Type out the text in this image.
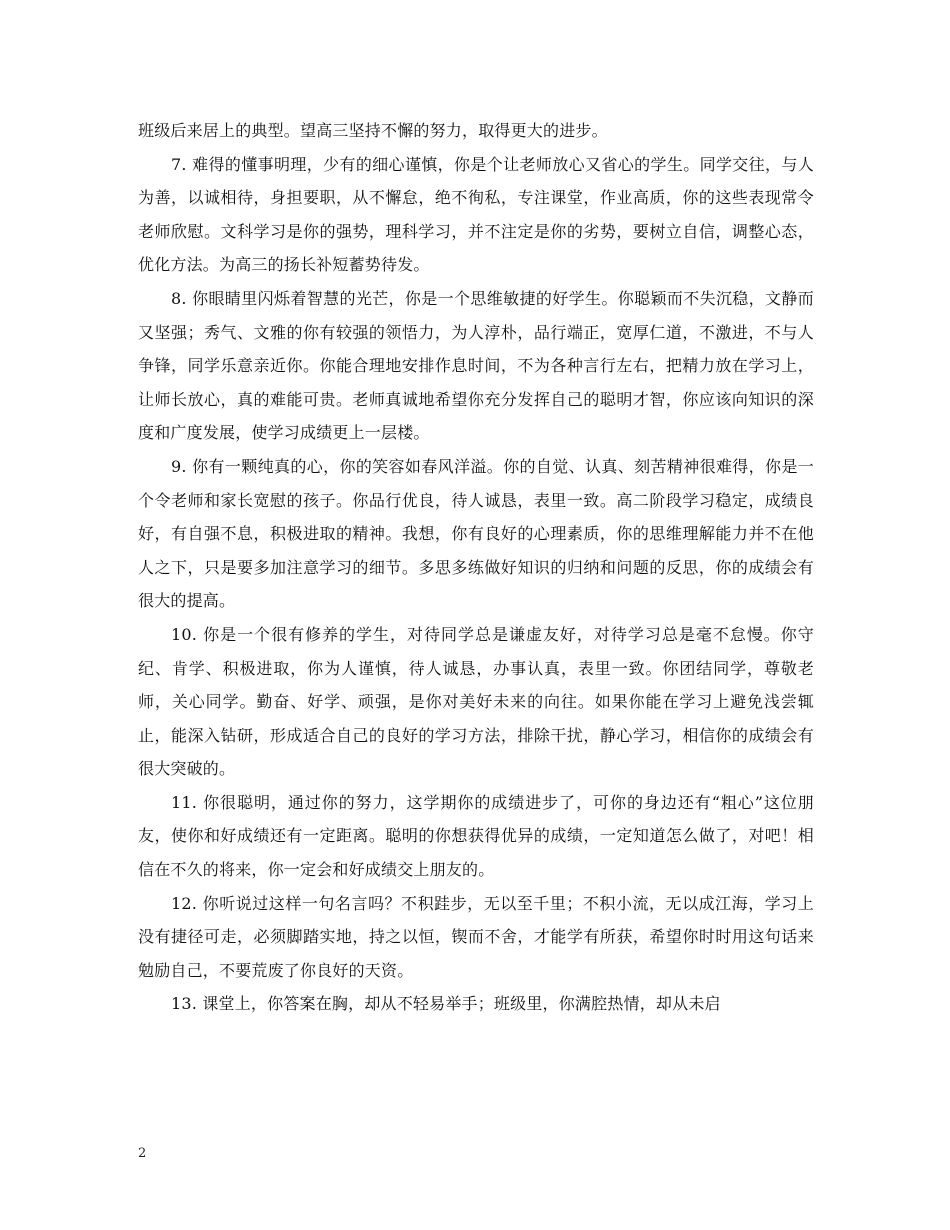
班级后来居上的典型。望高三坚持不懈的努力，取得更大的进步。

7. 难得的懂事明理，少有的细心谨慎，你是个让老师放心又省心的学生。同学交往，与人为善，以诚相待，身担要职，从不懈怠，绝不徇私，专注课堂，作业高质，你的这些表现常令老师欣慰。文科学习是你的强势，理科学习，并不注定是你的劣势，要树立自信，调整心态，优化方法。为高三的扬长补短蓄势待发。

8. 你眼睛里闪烁着智慧的光芒，你是一个思维敏捷的好学生。你聪颖而不失沉稳，文静而又坚强；秀气、文雅的你有较强的领悟力，为人淳朴，品行端正，宽厚仁道，不激进，不与人争锋，同学乐意亲近你。你能合理地安排作息时间，不为各种言行左右，把精力放在学习上，让师长放心，真的难能可贵。老师真诚地希望你充分发挥自己的聪明才智，你应该向知识的深度和广度发展，使学习成绩更上一层楼。

9. 你有一颗纯真的心，你的笑容如春风洋溢。你的自觉、认真、刻苦精神很难得，你是一个令老师和家长宽慰的孩子。你品行优良，待人诚恳，表里一致。高二阶段学习稳定，成绩良好，有自强不息，积极进取的精神。我想，你有良好的心理素质，你的思维理解能力并不在他人之下，只是要多加注意学习的细节。多思多练做好知识的归纳和问题的反思，你的成绩会有很大的提高。

10. 你是一个很有修养的学生，对待同学总是谦虚友好，对待学习总是毫不怠慢。你守纪、肯学、积极进取，你为人谨慎，待人诚恳，办事认真，表里一致。你团结同学，尊敬老师，关心同学。勤奋、好学、顽强，是你对美好未来的向往。如果你能在学习上避免浅尝辄止，能深入钻研，形成适合自己的良好的学习方法，排除干扰，静心学习，相信你的成绩会有很大突破的。

11. 你很聪明，通过你的努力，这学期你的成绩进步了，可你的身边还有“粗心”这位朋友，使你和好成绩还有一定距离。聪明的你想获得优异的成绩，一定知道怎么做了，对吧！相信在不久的将来，你一定会和好成绩交上朋友的。

12. 你听说过这样一句名言吗？不积跬步，无以至千里；不积小流，无以成江海，学习上没有捷径可走，必须脚踏实地，持之以恒，锲而不舍，才能学有所获，希望你时时用这句话来勉励自己，不要荒废了你良好的天资。

13. 课堂上，你答案在胸，却从不轻易举手；班级里，你满腔热情，却从未启

2
